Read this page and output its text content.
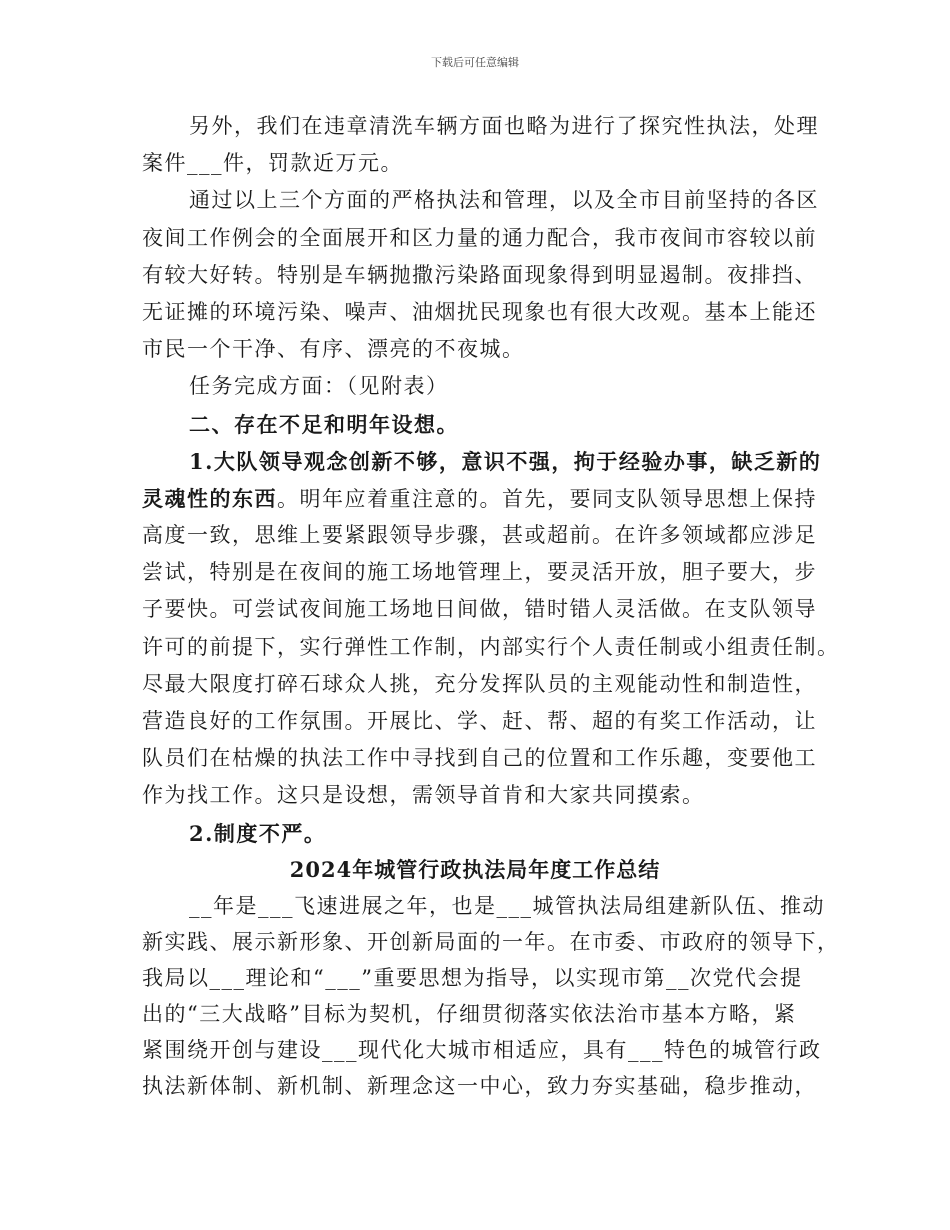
下载后可任意编辑
另外，我们在违章清洗车辆方面也略为进行了探究性执法，处理
案件___件，罚款近万元。
通过以上三个方面的严格执法和管理，以及全市目前坚持的各区
夜间工作例会的全面展开和区力量的通力配合，我市夜间市容较以前
有较大好转。特别是车辆抛撒污染路面现象得到明显遏制。夜排挡、
无证摊的环境污染、噪声、油烟扰民现象也有很大改观。基本上能还
市民一个干净、有序、漂亮的不夜城。
任务完成方面：（见附表）
二、存在不足和明年设想。
1.大队领导观念创新不够，意识不强，拘于经验办事，缺乏新的
灵魂性的东西。明年应着重注意的。首先，要同支队领导思想上保持
高度一致，思维上要紧跟领导步骤，甚或超前。在许多领域都应涉足
尝试，特别是在夜间的施工场地管理上，要灵活开放，胆子要大，步
子要快。可尝试夜间施工场地日间做，错时错人灵活做。在支队领导
许可的前提下，实行弹性工作制，内部实行个人责任制或小组责任制。
尽最大限度打碎石球众人挑，充分发挥队员的主观能动性和制造性，
营造良好的工作氛围。开展比、学、赶、帮、超的有奖工作活动，让
队员们在枯燥的执法工作中寻找到自己的位置和工作乐趣，变要他工
作为找工作。这只是设想，需领导首肯和大家共同摸索。
2.制度不严。
2024年城管行政执法局年度工作总结
__年是___飞速进展之年，也是___城管执法局组建新队伍、推动
新实践、展示新形象、开创新局面的一年。在市委、市政府的领导下，
我局以___理论和“___”重要思想为指导，以实现市第__次党代会提
出的“三大战略”目标为契机，仔细贯彻落实依法治市基本方略，紧
紧围绕开创与建设___现代化大城市相适应，具有___特色的城管行政
执法新体制、新机制、新理念这一中心，致力夯实基础，稳步推动，
